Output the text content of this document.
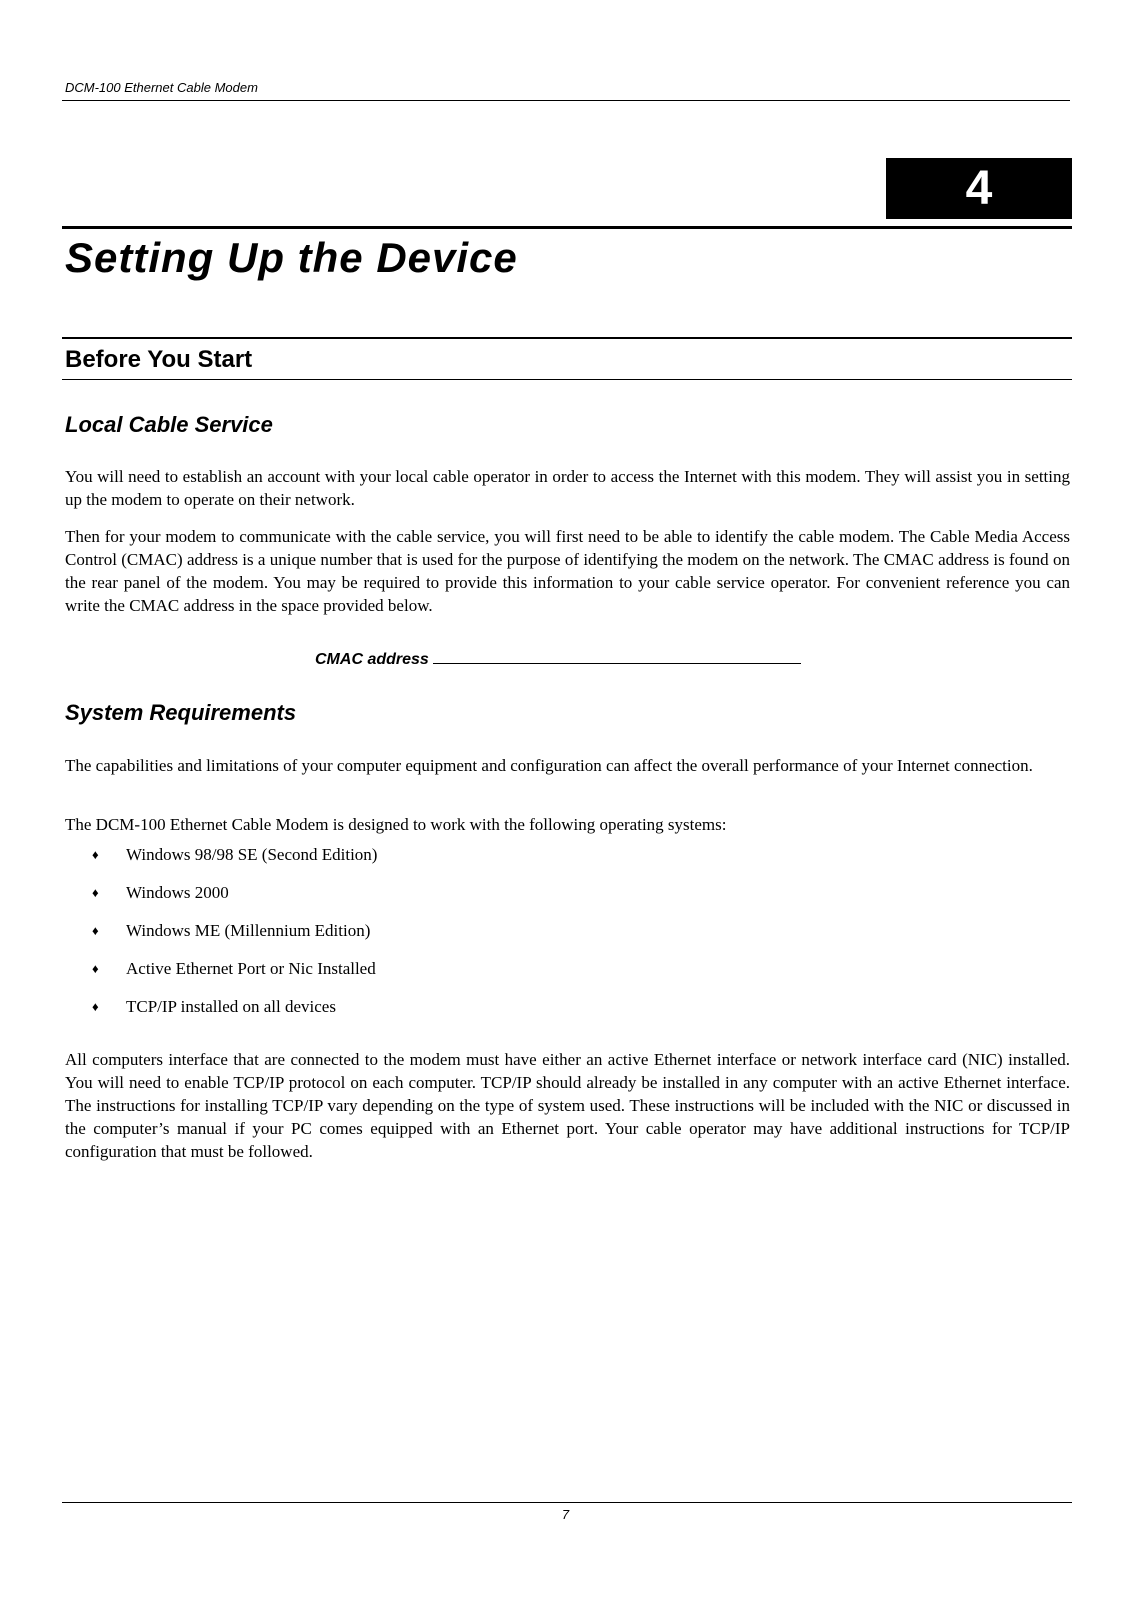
DCM-100 Ethernet Cable Modem
4
Setting Up the Device
Before You Start
Local Cable Service

You will need to establish an account with your local cable operator in order to access the Internet with this modem. They will assist you in setting up the modem to operate on their network.

Then for your modem to communicate with the cable service, you will first need to be able to identify the cable modem. The Cable Media Access Control (CMAC) address is a unique number that is used for the purpose of identifying the modem on the network. The CMAC address is found on the rear panel of the modem. You may be required to provide this information to your cable service operator. For convenient reference you can write the CMAC address in the space provided below.

CMAC address
System Requirements

The capabilities and limitations of your computer equipment and configuration can affect the overall performance of your Internet connection.

The DCM-100 Ethernet Cable Modem is designed to work with the following operating systems:

♦	Windows 98/98 SE (Second Edition)
♦	Windows 2000
♦	Windows ME (Millennium Edition)
♦	Active Ethernet Port or Nic Installed
♦	TCP/IP installed on all devices

All computers interface that are connected to the modem must have either an active Ethernet interface or network interface card (NIC) installed. You will need to enable TCP/IP protocol on each computer. TCP/IP should already be installed in any computer with an active Ethernet interface. The instructions for installing TCP/IP vary depending on the type of system used. These instructions will be included with the NIC or discussed in the computer’s manual if your PC comes equipped with an Ethernet port. Your cable operator may have additional instructions for TCP/IP configuration that must be followed.

7
